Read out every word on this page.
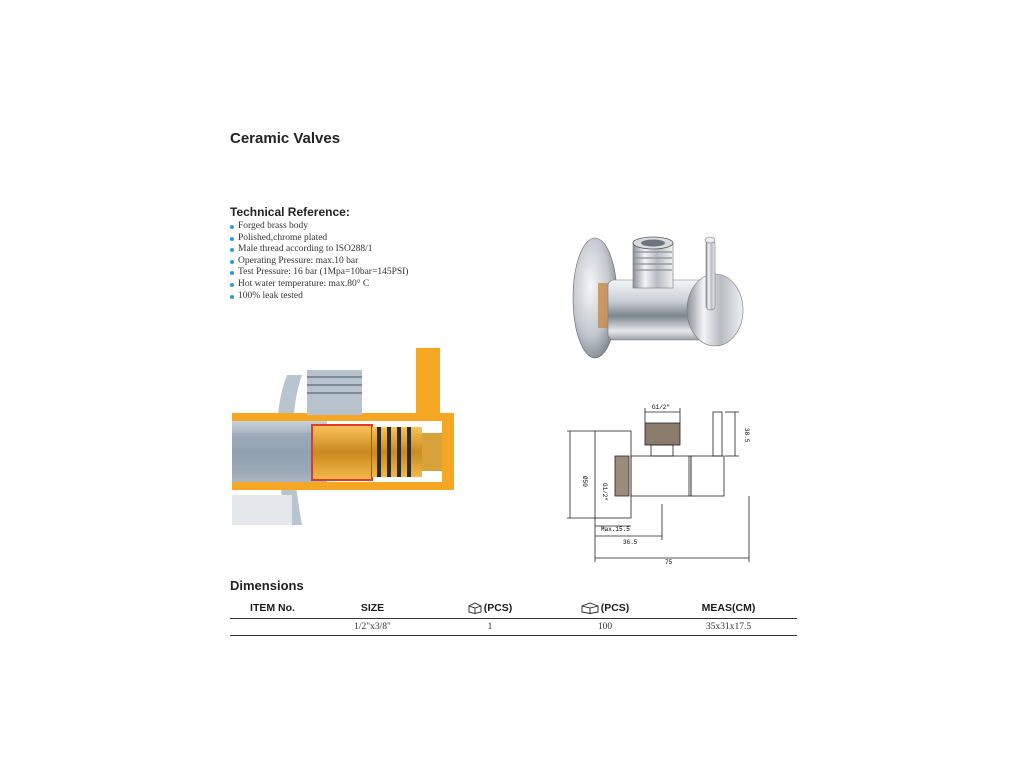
Ceramic Valves
Technical Reference:
Forged brass body
Polished,chrome plated
Male thread according to ISO288/1
Operating Pressure: max.10 bar
Test Pressure: 16 bar (1Mpa=10bar=145PSI)
Hot water temperature: max.80° C
100% leak tested
G1/2"
G1/2"
Ø50
38.5
Max.15.5
36.5
75
Dimensions
ITEM No.	SIZE	(PCS)	(PCS)	MEAS(CM)
	1/2"x3/8"	1	100	35x31x17.5
